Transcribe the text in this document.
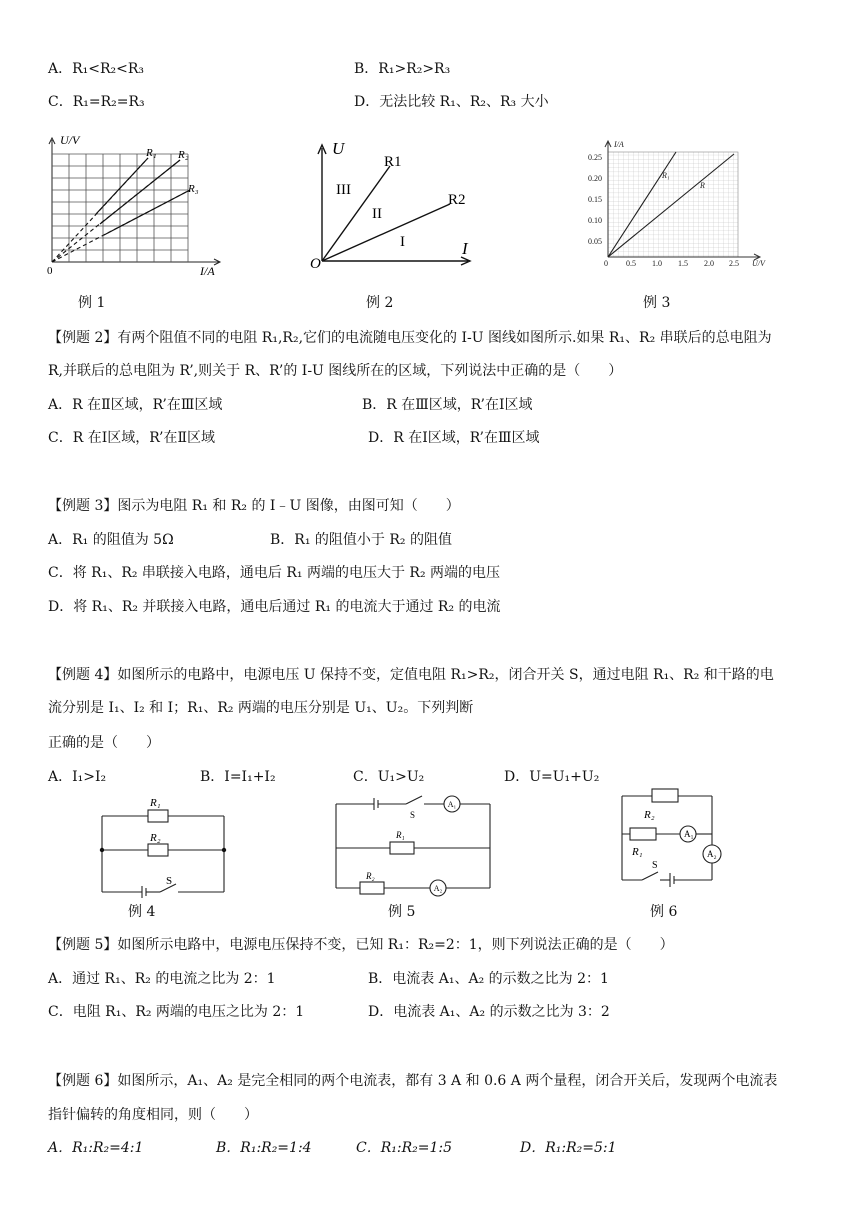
A．R₁<R₂<R₃	B．R₁>R₂>R₃
C．R₁=R₂=R₃	D．无法比较 R₁、R₂、R₃ 大小
U/V
I/A
0
R₁ R₂
R₃
U
I
O
R1
R2
III
II
I
I/A
0.25
0.20
0.15
0.10
0.05
0 0.5 1.0 1.5 2.0 2.5 U/V
R₁
R
例 1	例 2	例 3
【例题 2】有两个阻值不同的电阻 R₁,R₂,它们的电流随电压变化的 I-U 图线如图所示.如果 R₁、R₂ 串联后的总电阻为
R,并联后的总电阻为 R’,则关于 R、R’的 I-U 图线所在的区域，下列说法中正确的是（　　）
A．R 在Ⅱ区域，R’在Ⅲ区域	B．R 在Ⅲ区域，R’在Ⅰ区域
C．R 在Ⅰ区域，R’在Ⅱ区域	D．R 在Ⅰ区域，R’在Ⅲ区域
【例题 3】图示为电阻 R₁ 和 R₂ 的 I﹣U 图像，由图可知（　　）
A．R₁ 的阻值为 5Ω	B．R₁ 的阻值小于 R₂ 的阻值
C．将 R₁、R₂ 串联接入电路，通电后 R₁ 两端的电压大于 R₂ 两端的电压
D．将 R₁、R₂ 并联接入电路，通电后通过 R₁ 的电流大于通过 R₂ 的电流
【例题 4】如图所示的电路中，电源电压 U 保持不变，定值电阻 R₁>R₂，闭合开关 S，通过电阻 R₁、R₂ 和干路的电
流分别是 I₁、I₂ 和 I；R₁、R₂ 两端的电压分别是 U₁、U₂。下列判断
正确的是（　　）
A．I₁>I₂	B．I=I₁+I₂	C．U₁>U₂	D．U=U₁+U₂
R₁
R₂
S
A₁
A₂
S
R₁
R₂
R₂
A₁
R₁	A₂
S
例 4	例 5	例 6
【例题 5】如图所示电路中，电源电压保持不变，已知 R₁：R₂=2：1，则下列说法正确的是（　　）
A．通过 R₁、R₂ 的电流之比为 2：1	B．电流表 A₁、A₂ 的示数之比为 2：1
C．电阻 R₁、R₂ 两端的电压之比为 2：1	D．电流表 A₁、A₂ 的示数之比为 3：2
【例题 6】如图所示，A₁、A₂ 是完全相同的两个电流表，都有 3 A 和 0.6 A 两个量程，闭合开关后，发现两个电流表
指针偏转的角度相同，则（　　）
A．R₁:R₂=4:1	B．R₁:R₂=1:4	C．R₁:R₂=1:5	D．R₁:R₂=5:1
